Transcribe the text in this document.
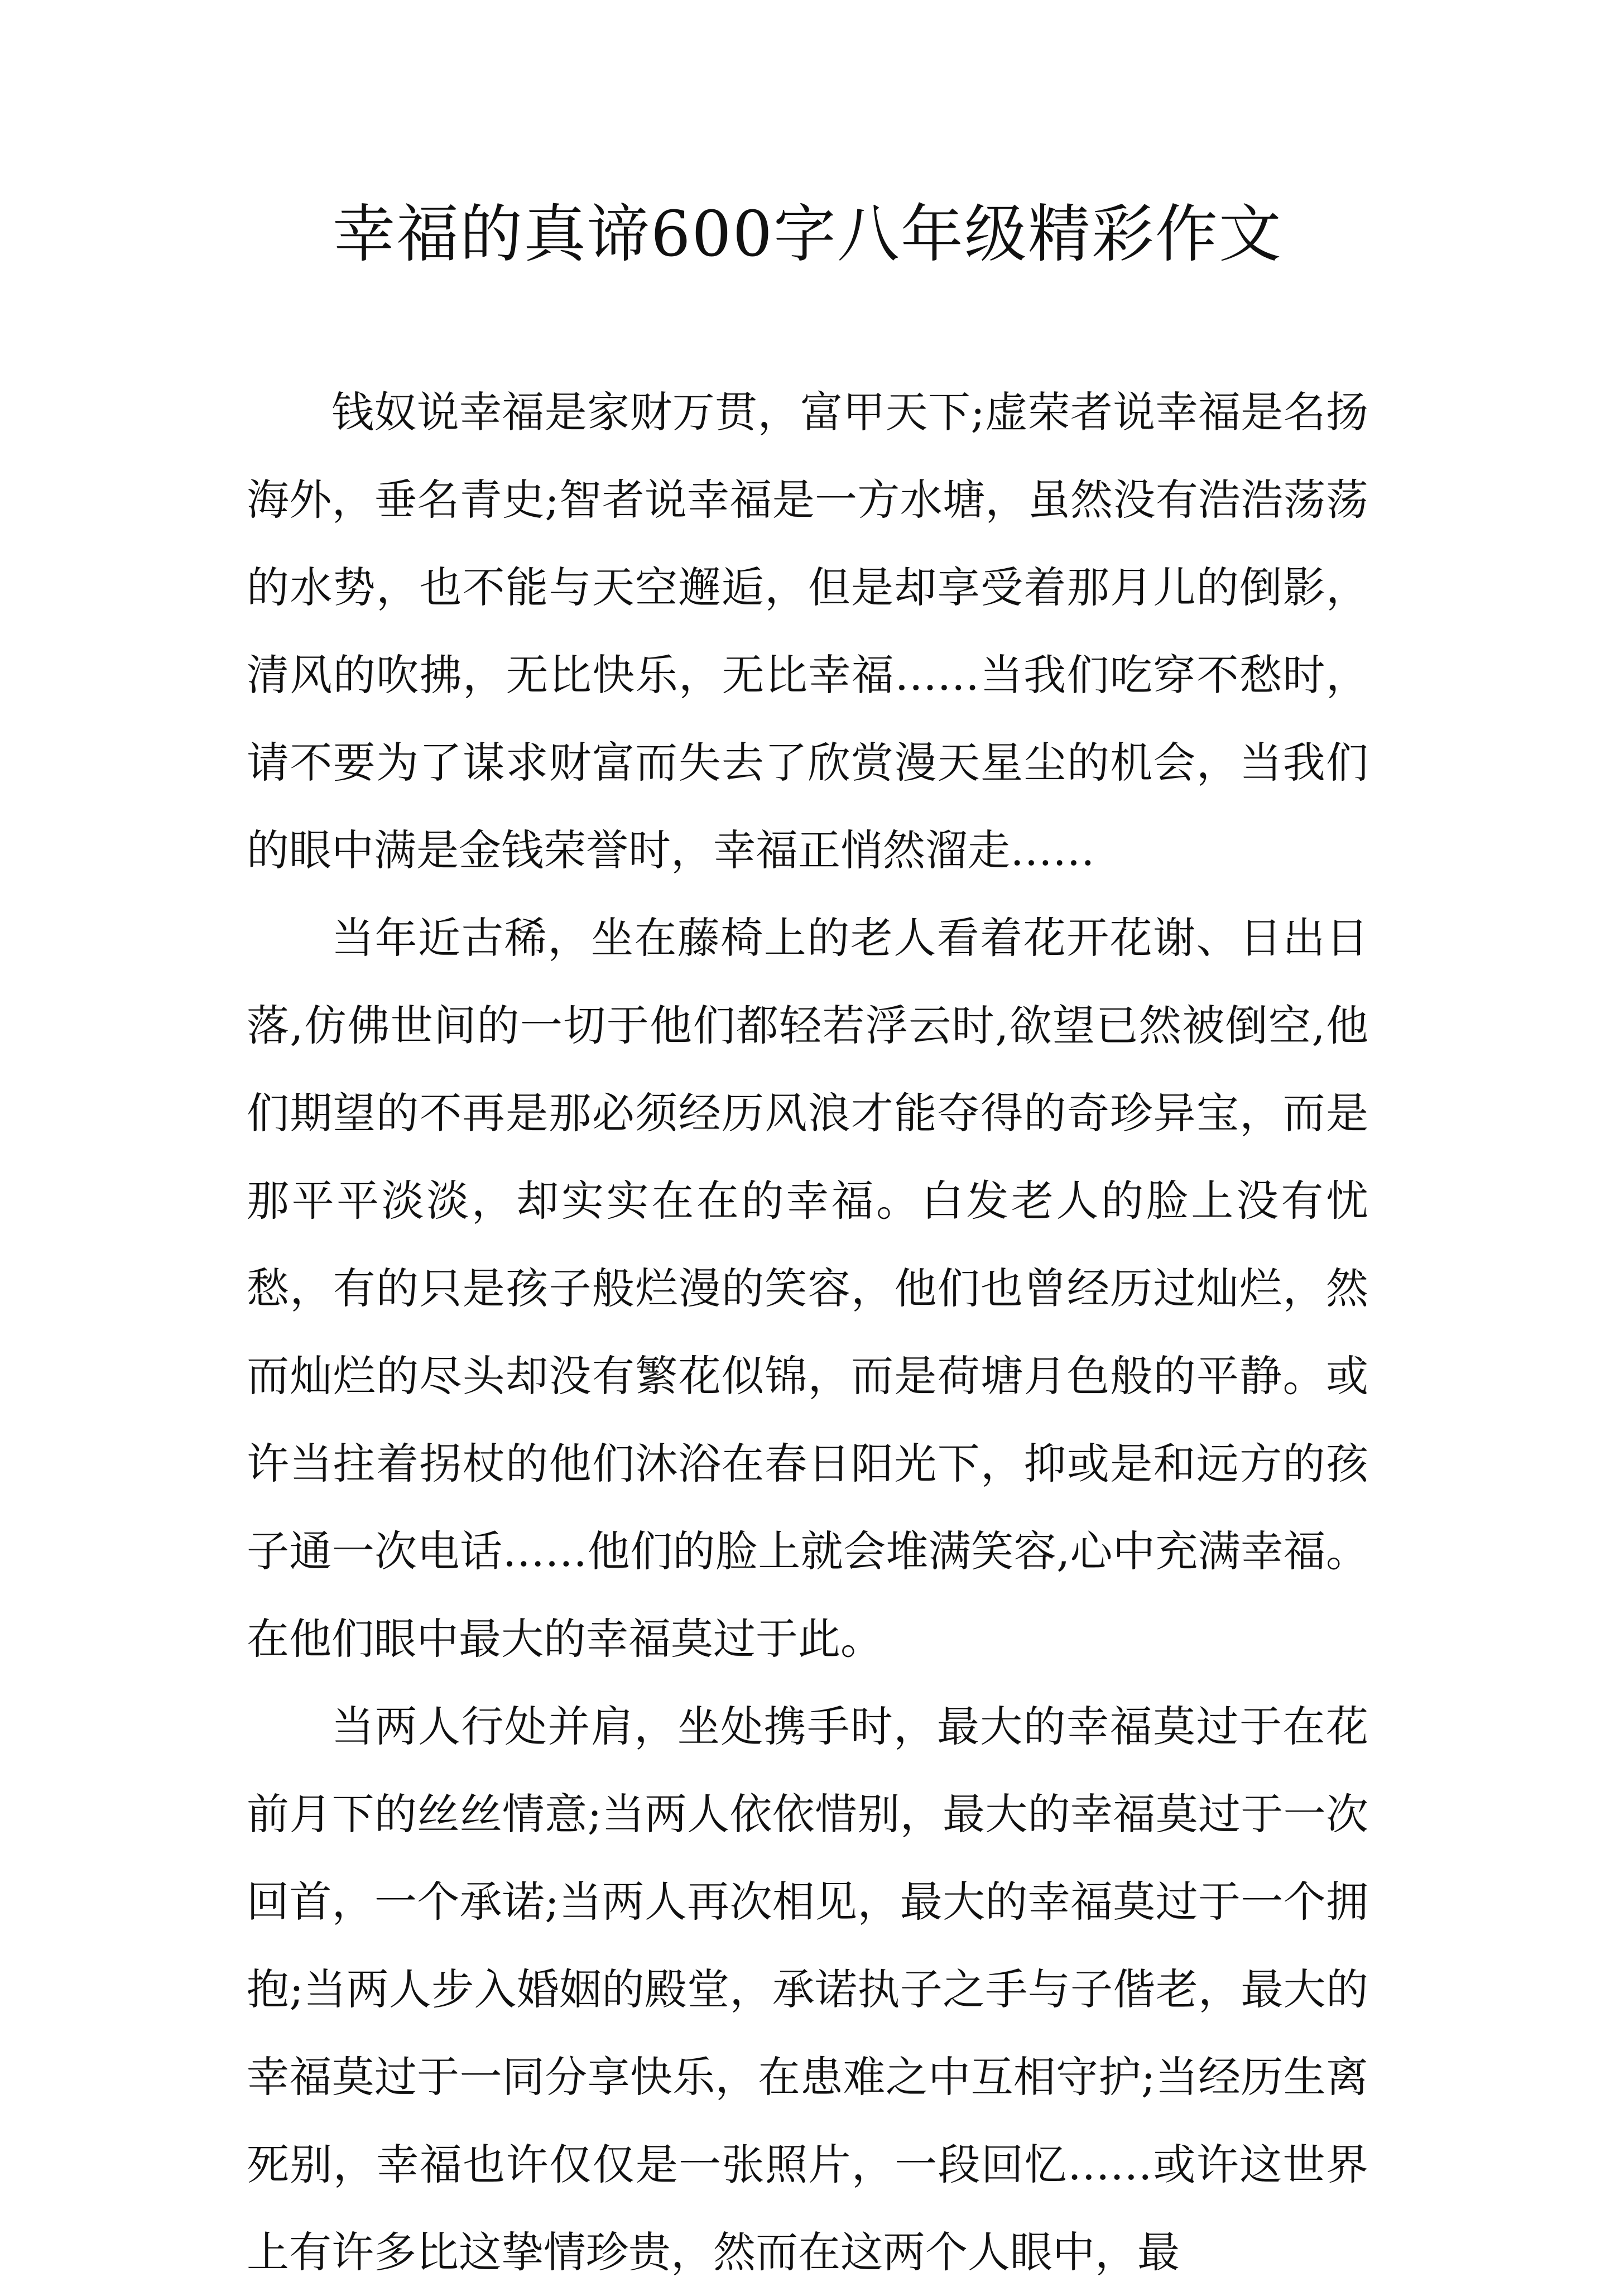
幸福的真谛600字八年级精彩作文

钱奴说幸福是家财万贯，富甲天下;虚荣者说幸福是名扬海外，垂名青史;智者说幸福是一方水塘，虽然没有浩浩荡荡的水势，也不能与天空邂逅，但是却享受着那月儿的倒影，清风的吹拂，无比快乐，无比幸福……当我们吃穿不愁时，请不要为了谋求财富而失去了欣赏漫天星尘的机会，当我们的眼中满是金钱荣誉时，幸福正悄然溜走……

当年近古稀，坐在藤椅上的老人看着花开花谢、日出日落,仿佛世间的一切于他们都轻若浮云时,欲望已然被倒空,他们期望的不再是那必须经历风浪才能夺得的奇珍异宝，而是那平平淡淡，却实实在在的幸福。白发老人的脸上没有忧愁，有的只是孩子般烂漫的笑容，他们也曾经历过灿烂，然而灿烂的尽头却没有繁花似锦，而是荷塘月色般的平静。或许当拄着拐杖的他们沐浴在春日阳光下，抑或是和远方的孩子通一次电话……他们的脸上就会堆满笑容,心中充满幸福。在他们眼中最大的幸福莫过于此。

当两人行处并肩，坐处携手时，最大的幸福莫过于在花前月下的丝丝情意;当两人依依惜别，最大的幸福莫过于一次回首，一个承诺;当两人再次相见，最大的幸福莫过于一个拥抱;当两人步入婚姻的殿堂，承诺执子之手与子偕老，最大的幸福莫过于一同分享快乐，在患难之中互相守护;当经历生离死别，幸福也许仅仅是一张照片，一段回忆……或许这世界上有许多比这挚情珍贵，然而在这两个人眼中，最
